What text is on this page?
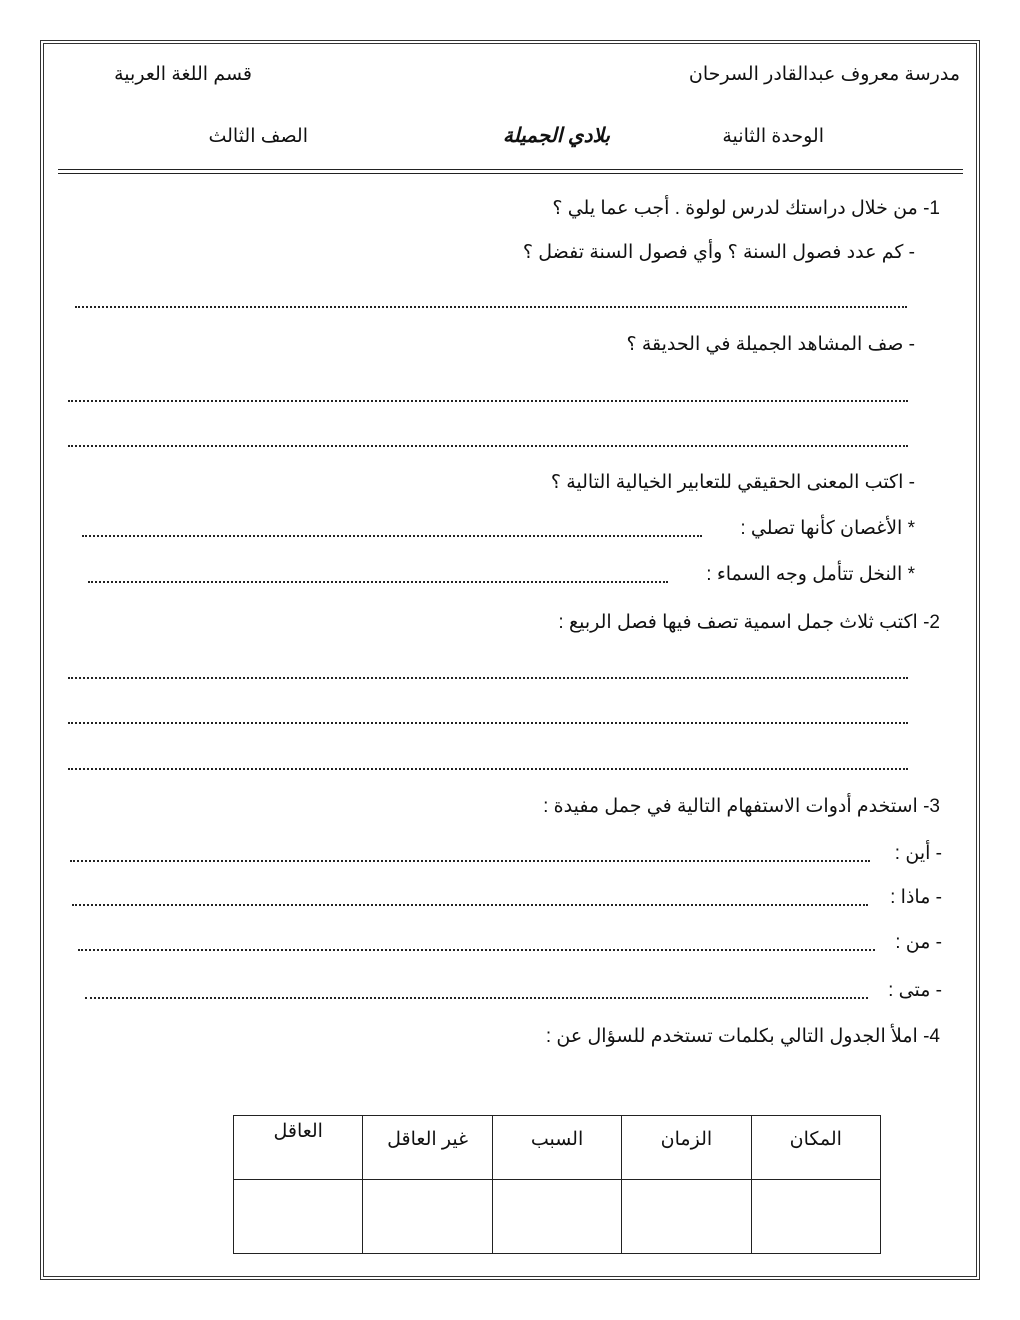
مدرسة معروف عبدالقادر السرحان
قسم اللغة العربية
الوحدة الثانية
بلادي الجميلة
الصف الثالث
1- من خلال دراستك لدرس لولوة . أجب عما يلي ؟
- كم عدد فصول السنة ؟ وأي فصول السنة تفضل ؟
- صف المشاهد الجميلة في الحديقة ؟
- اكتب المعنى الحقيقي للتعابير الخيالية التالية ؟
* الأغصان كأنها تصلي :
* النخل تتأمل وجه السماء :
2- اكتب ثلاث جمل اسمية تصف فيها فصل الربيع :
3- استخدم أدوات الاستفهام التالية في جمل مفيدة :
- أين :
- ماذا :
- من :
- متى :
4- املأ الجدول التالي بكلمات تستخدم للسؤال عن :
المكان	الزمان	السبب	غير العاقل	العاقل
